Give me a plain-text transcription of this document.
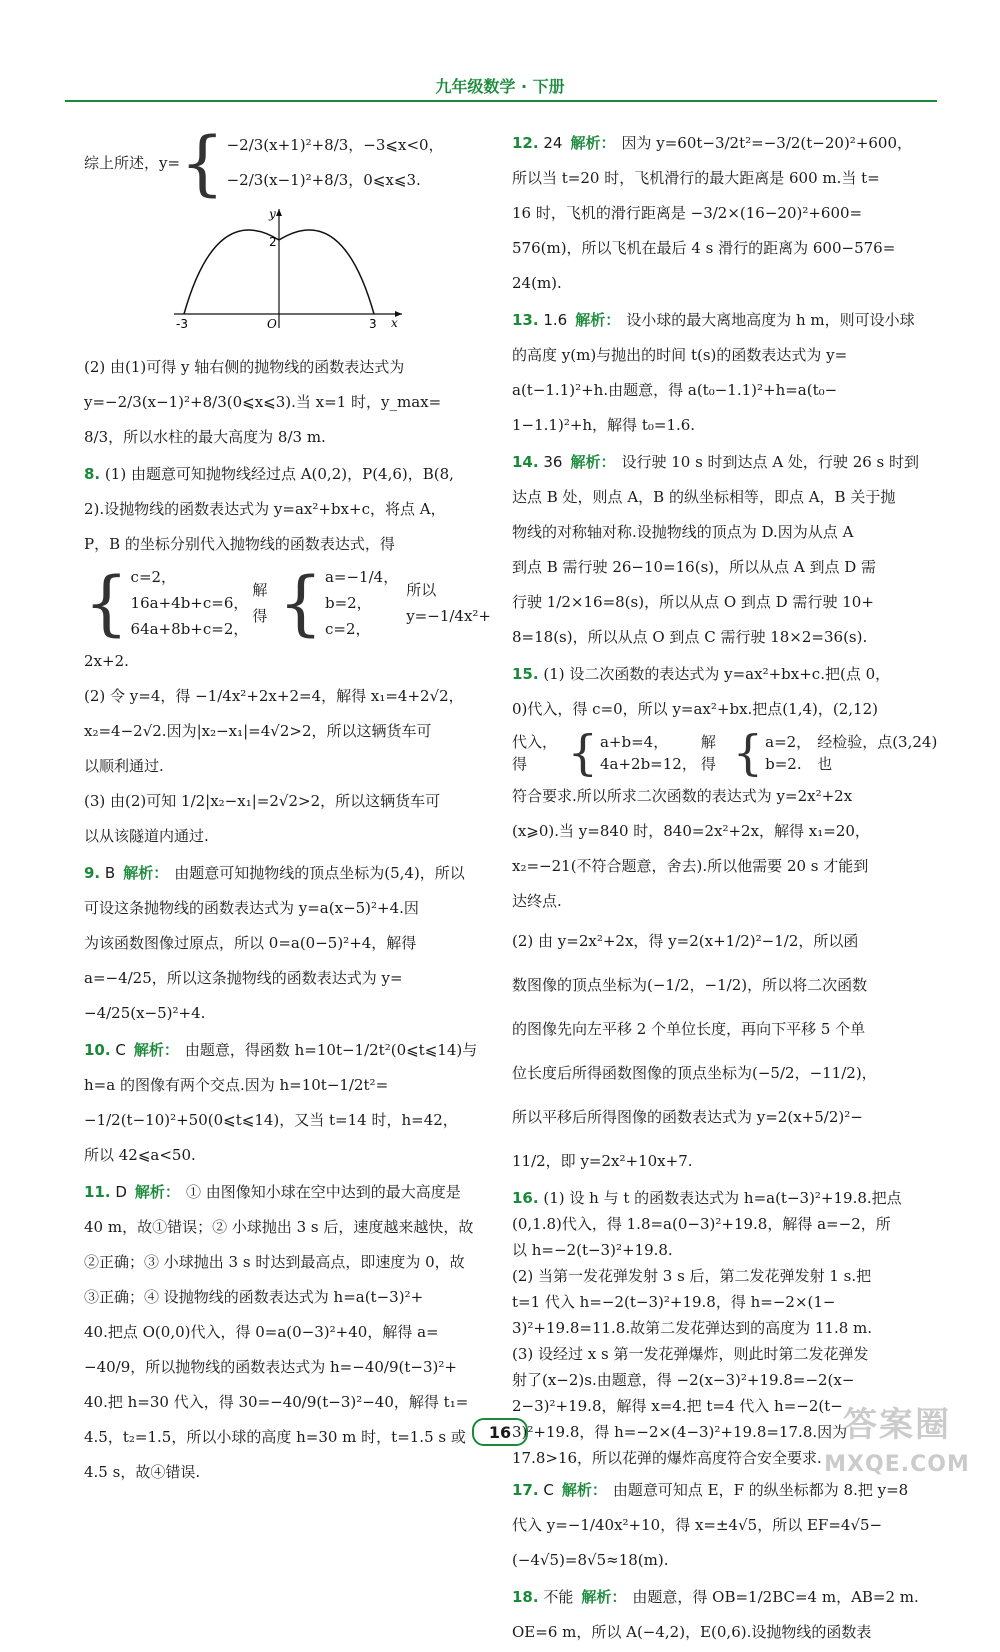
九年级数学 · 下册
综上所述，y= { −2/3(x+1)²+8/3，−3⩽x<0，
−2/3(x−1)²+8/3，0⩽x⩽3.
y
x
O
-3	3
2
(2) 由(1)可得 y 轴右侧的抛物线的函数表达式为
y=−2/3(x−1)²+8/3(0⩽x⩽3).当 x=1 时，y_max=
8/3，所以水柱的最大高度为 8/3 m.
8. (1) 由题意可知抛物线经过点 A(0,2)，P(4,6)，B(8,
2).设抛物线的函数表达式为 y=ax²+bx+c，将点 A，
P，B 的坐标分别代入抛物线的函数表达式，得
{ c=2，
16a+4b+c=6，
64a+8b+c=2，
解得 { a=−1/4，
b=2，
c=2，
所以 y=−1/4x²+
2x+2.
(2) 令 y=4，得 −1/4x²+2x+2=4，解得 x₁=4+2√2，
x₂=4−2√2.因为|x₂−x₁|=4√2>2，所以这辆货车可
以顺利通过.
(3) 由(2)可知 1/2|x₂−x₁|=2√2>2，所以这辆货车可
以从该隧道内通过.
9. B 解析： 由题意可知抛物线的顶点坐标为(5,4)，所以
可设这条抛物线的函数表达式为 y=a(x−5)²+4.因
为该函数图像过原点，所以 0=a(0−5)²+4，解得
a=−4/25，所以这条抛物线的函数表达式为 y=
−4/25(x−5)²+4.
10. C 解析： 由题意，得函数 h=10t−1/2t²(0⩽t⩽14)与
h=a 的图像有两个交点.因为 h=10t−1/2t²=
−1/2(t−10)²+50(0⩽t⩽14)，又当 t=14 时，h=42，
所以 42⩽a<50.
11. D 解析： ① 由图像知小球在空中达到的最大高度是
40 m，故①错误；② 小球抛出 3 s 后，速度越来越快，故
②正确；③ 小球抛出 3 s 时达到最高点，即速度为 0，故
③正确；④ 设抛物线的函数表达式为 h=a(t−3)²+
40.把点 O(0,0)代入，得 0=a(0−3)²+40，解得 a=
−40/9，所以抛物线的函数表达式为 h=−40/9(t−3)²+
40.把 h=30 代入，得 30=−40/9(t−3)²−40，解得 t₁=
4.5，t₂=1.5，所以小球的高度 h=30 m 时，t=1.5 s 或
4.5 s，故④错误.
12. 24 解析： 因为 y=60t−3/2t²=−3/2(t−20)²+600，
所以当 t=20 时，飞机滑行的最大距离是 600 m.当 t=
16 时，飞机的滑行距离是 −3/2×(16−20)²+600=
576(m)，所以飞机在最后 4 s 滑行的距离为 600−576=
24(m).
13. 1.6 解析： 设小球的最大离地高度为 h m，则可设小球
的高度 y(m)与抛出的时间 t(s)的函数表达式为 y=
a(t−1.1)²+h.由题意，得 a(t₀−1.1)²+h=a(t₀−
1−1.1)²+h，解得 t₀=1.6.
14. 36 解析： 设行驶 10 s 时到达点 A 处，行驶 26 s 时到
达点 B 处，则点 A，B 的纵坐标相等，即点 A，B 关于抛
物线的对称轴对称.设抛物线的顶点为 D.因为从点 A
到点 B 需行驶 26−10=16(s)，所以从点 A 到点 D 需
行驶 1/2×16=8(s)，所以从点 O 到点 D 需行驶 10+
8=18(s)，所以从点 O 到点 C 需行驶 18×2=36(s).
15. (1) 设二次函数的表达式为 y=ax²+bx+c.把(点 0，
0)代入，得 c=0，所以 y=ax²+bx.把点(1,4)，(2,12)
代入，得 { a+b=4，
4a+2b=12，
解得 { a=2，
b=2.
经检验，点(3,24)也
符合要求.所以所求二次函数的表达式为 y=2x²+2x
(x⩾0).当 y=840 时，840=2x²+2x，解得 x₁=20，
x₂=−21(不符合题意，舍去).所以他需要 20 s 才能到
达终点.
(2) 由 y=2x²+2x，得 y=2(x+1/2)²−1/2，所以函
数图像的顶点坐标为(−1/2，−1/2)，所以将二次函数
的图像先向左平移 2 个单位长度，再向下平移 5 个单
位长度后所得函数图像的顶点坐标为(−5/2，−11/2)，
所以平移后所得图像的函数表达式为 y=2(x+5/2)²−
11/2，即 y=2x²+10x+7.
16. (1) 设 h 与 t 的函数表达式为 h=a(t−3)²+19.8.把点
(0,1.8)代入，得 1.8=a(0−3)²+19.8，解得 a=−2，所
以 h=−2(t−3)²+19.8.
(2) 当第一发花弹发射 3 s 后，第二发花弹发射 1 s.把
t=1 代入 h=−2(t−3)²+19.8，得 h=−2×(1−
3)²+19.8=11.8.故第二发花弹达到的高度为 11.8 m.
(3) 设经过 x s 第一发花弹爆炸，则此时第二发花弹发
射了(x−2)s.由题意，得 −2(x−3)²+19.8=−2(x−
2−3)²+19.8，解得 x=4.把 t=4 代入 h=−2(t−
3)²+19.8，得 h=−2×(4−3)²+19.8=17.8.因为
17.8>16，所以花弹的爆炸高度符合安全要求.
17. C 解析： 由题意可知点 E，F 的纵坐标都为 8.把 y=8
代入 y=−1/40x²+10，得 x=±4√5，所以 EF=4√5−
(−4√5)=8√5≈18(m).
18. 不能 解析： 由题意，得 OB=1/2BC=4 m，AB=2 m.
OE=6 m，所以 A(−4,2)，E(0,6).设抛物线的函数表
16	答案圈
MXQE.COM
